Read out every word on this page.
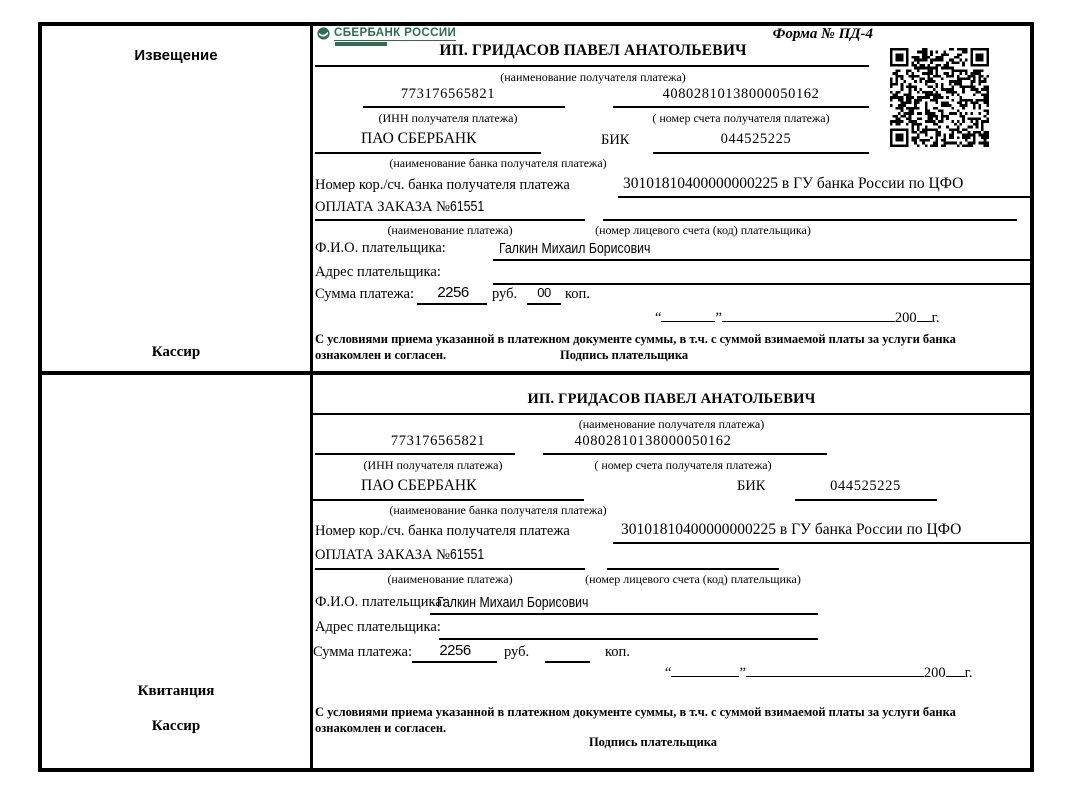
Извещение
Кассир
СБЕРБАНК РОССИИ	Форма № ПД-4
ИП. ГРИДАСОВ ПАВЕЛ АНАТОЛЬЕВИЧ
(наименование получателя платежа)
773176565821	40802810138000050162
(ИНН получателя платежа)	( номер счета получателя платежа)
ПАО СБЕРБАНК	БИК	044525225
(наименование банка получателя платежа)
Номер кор./сч. банка получателя платежа	30101810400000000225 в ГУ банка России по ЦФО
ОПЛАТА ЗАКАЗА №61551
(наименование платежа)	(номер лицевого счета (код) плательщика)
Ф.И.О. плательщика:	Галкин Михаил Борисович
Адрес плательщика:
Сумма платежа:	2256	руб.	00 коп.
“	”	200 г.
С условиями приема указанной в платежном документе суммы, в т.ч. с суммой взимаемой платы за услуги банка
ознакомлен и согласен.	Подпись плательщика
Квитанция
Кассир
ИП. ГРИДАСОВ ПАВЕЛ АНАТОЛЬЕВИЧ
(наименование получателя платежа)
773176565821	40802810138000050162
(ИНН получателя платежа)	( номер счета получателя платежа)
ПАО СБЕРБАНК	БИК	044525225
(наименование банка получателя платежа)
Номер кор./сч. банка получателя платежа	30101810400000000225 в ГУ банка России по ЦФО
ОПЛАТА ЗАКАЗА №61551
(наименование платежа)	(номер лицевого счета (код) плательщика)
Ф.И.О. плательщика:
Галкин Михаил Борисович
Адрес плательщика:
Сумма платежа:	2256	руб.	коп.
“	”	200 г.
С условиями приема указанной в платежном документе суммы, в т.ч. с суммой взимаемой платы за услуги банка
ознакомлен и согласен.
Подпись плательщика
